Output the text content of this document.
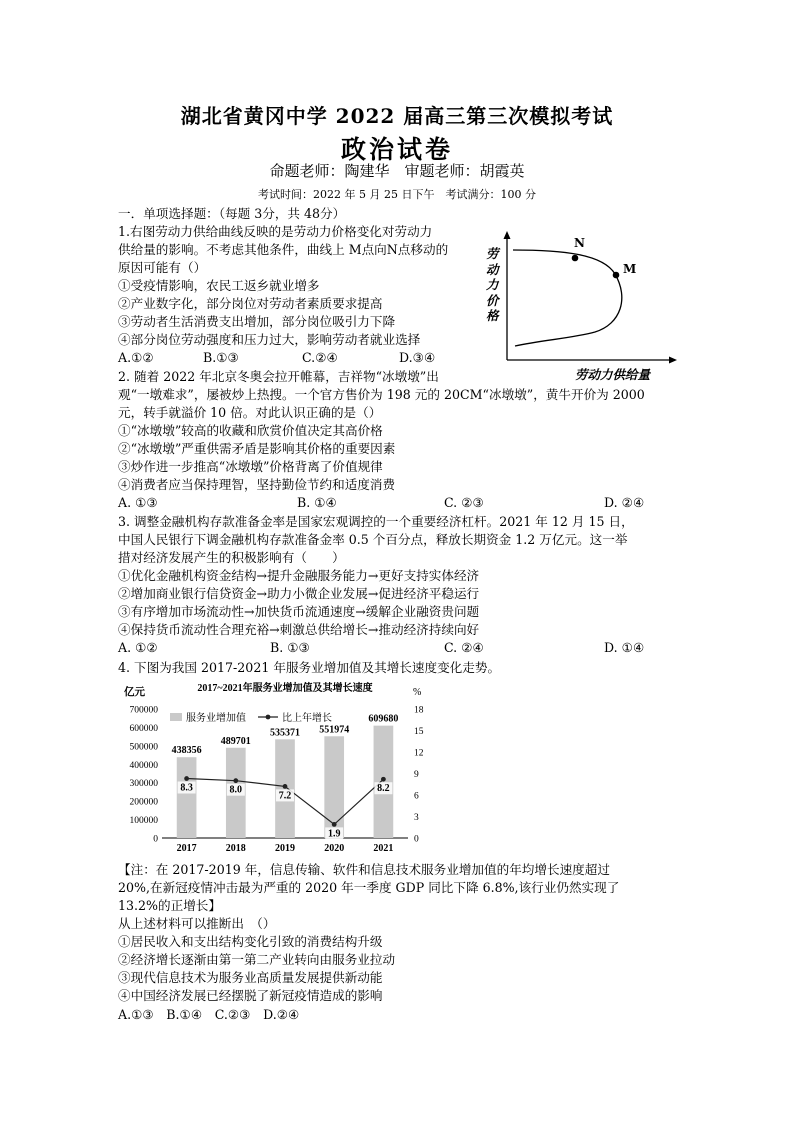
湖北省黄冈中学 2022 届高三第三次模拟考试
政治试卷
命题老师：陶建华　审题老师：胡霞英
考试时间：2022 年 5 月 25 日下午　考试满分：100 分
一．单项选择题：（每题 3分，共 48分）
1.右图劳动力供给曲线反映的是劳动力价格变化对劳动力
供给量的影响。不考虑其他条件，曲线上 M点向N点移动的
原因可能有（）
①受疫情影响，农民工返乡就业增多
②产业数字化，部分岗位对劳动者素质要求提高
③劳动者生活消费支出增加，部分岗位吸引力下降
④部分岗位劳动强度和压力过大，影响劳动者就业选择
A.①②	B.①③	C.②④	D.③④
N
M
劳
动
力
价
格
劳动力供给量
2. 随着 2022 年北京冬奥会拉开帷幕，吉祥物“冰墩墩”出
观“一墩难求”，屡被炒上热搜。一个官方售价为 198 元的 20CM“冰墩墩”，黄牛开价为 2000
元，转手就溢价 10 倍。对此认识正确的是（）
①“冰墩墩”较高的收藏和欣赏价值决定其高价格
②“冰墩墩”严重供需矛盾是影响其价格的重要因素
③炒作进一步推高“冰墩墩”价格背离了价值规律
④消费者应当保持理智，坚持勤俭节约和适度消费
A. ①③	B. ①④	C. ②③	D. ②④
3. 调整金融机构存款准备金率是国家宏观调控的一个重要经济杠杆。2021 年 12 月 15 日，
中国人民银行下调金融机构存款准备金率 0.5 个百分点，释放长期资金 1.2 万亿元。这一举
措对经济发展产生的积极影响有（　　）
①优化金融机构资金结构→提升金融服务能力→更好支持实体经济
②增加商业银行信贷资金→助力小微企业发展→促进经济平稳运行
③有序增加市场流动性→加快货币流通速度→缓解企业融资贵问题
④保持货币流动性合理充裕→刺激总供给增长→推动经济持续向好
A. ①②	B. ①③	C. ②④	D. ①④
4. 下图为我国 2017-2021 年服务业增加值及其增长速度变化走势。
亿元	%
2017~2021年服务业增加值及其增长速度
0
100000
200000
300000
400000
500000
600000
700000
0
3
6
9
12
15
18
438356
2017
489701
2018
535371
2019
551974
2020
609680
2021
8.3	8.0
7.2
1.9
8.2
服务业增加值	比上年增长
【注：在 2017-2019 年，信息传输、软件和信息技术服务业增加值的年均增长速度超过
20%,在新冠疫情冲击最为严重的 2020 年一季度 GDP 同比下降 6.8%,该行业仍然实现了
13.2%的正增长】
从上述材料可以推断出　（）
①居民收入和支出结构变化引致的消费结构升级
②经济增长逐渐由第一第二产业转向由服务业拉动
③现代信息技术为服务业高质量发展提供新动能
④中国经济发展已经摆脱了新冠疫情造成的影响
A.①③　B.①④　C.②③　D.②④
